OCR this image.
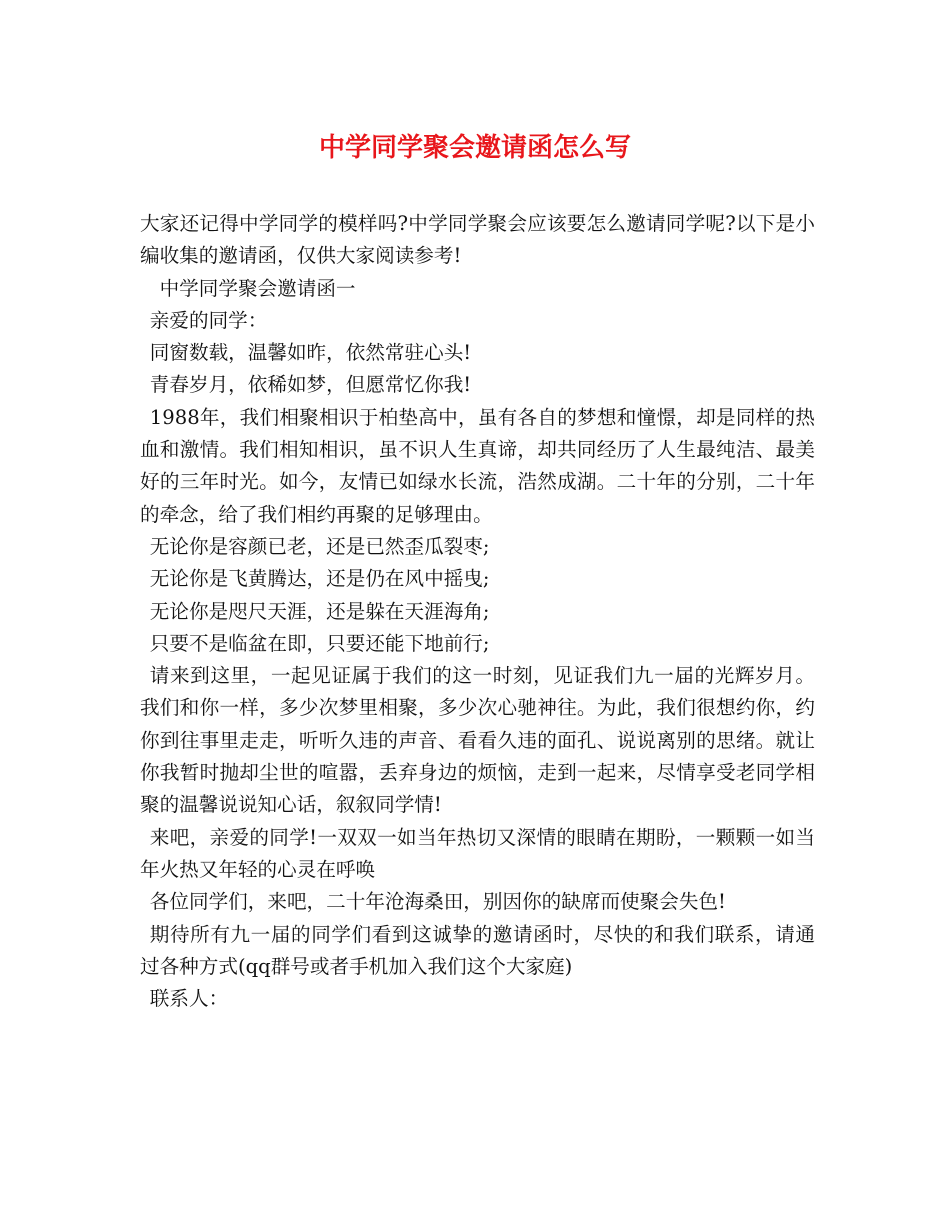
中学同学聚会邀请函怎么写

大家还记得中学同学的模样吗?中学同学聚会应该要怎么邀请同学呢?以下是小编收集的邀请函，仅供大家阅读参考!

中学同学聚会邀请函一

亲爱的同学：

同窗数载，温馨如昨，依然常驻心头!

青春岁月，依稀如梦，但愿常忆你我!

1988年，我们相聚相识于柏垫高中，虽有各自的梦想和憧憬，却是同样的热血和激情。我们相知相识，虽不识人生真谛，却共同经历了人生最纯洁、最美好的三年时光。如今，友情已如绿水长流，浩然成湖。二十年的分别，二十年的牵念，给了我们相约再聚的足够理由。

无论你是容颜已老，还是已然歪瓜裂枣;

无论你是飞黄腾达，还是仍在风中摇曳;

无论你是咫尺天涯，还是躲在天涯海角;

只要不是临盆在即，只要还能下地前行;

请来到这里，一起见证属于我们的这一时刻，见证我们九一届的光辉岁月。我们和你一样，多少次梦里相聚，多少次心驰神往。为此，我们很想约你，约你到往事里走走，听听久违的声音、看看久违的面孔、说说离别的思绪。就让你我暂时抛却尘世的喧嚣，丢弃身边的烦恼，走到一起来，尽情享受老同学相聚的温馨说说知心话，叙叙同学情!

来吧，亲爱的同学!一双双一如当年热切又深情的眼睛在期盼，一颗颗一如当年火热又年轻的心灵在呼唤

各位同学们，来吧，二十年沧海桑田，别因你的缺席而使聚会失色!

期待所有九一届的同学们看到这诚挚的邀请函时，尽快的和我们联系，请通过各种方式(qq群号或者手机加入我们这个大家庭)

联系人：
